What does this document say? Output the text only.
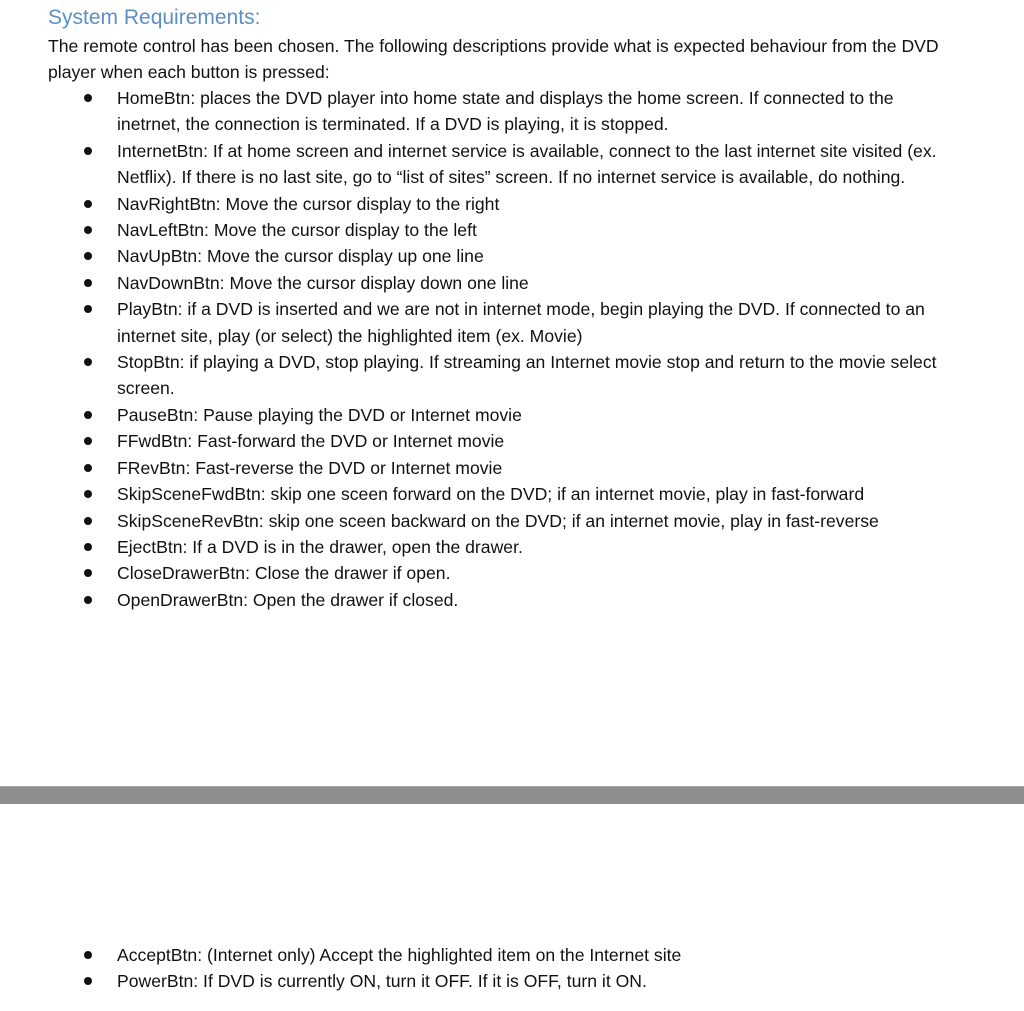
System Requirements:

The remote control has been chosen. The following descriptions provide what is expected behaviour from the DVD player when each button is pressed:

HomeBtn: places the DVD player into home state and displays the home screen. If connected to the inetrnet, the connection is terminated. If a DVD is playing, it is stopped.
InternetBtn: If at home screen and internet service is available, connect to the last internet site visited (ex. Netflix). If there is no last site, go to “list of sites” screen. If no internet service is available, do nothing.
NavRightBtn: Move the cursor display to the right
NavLeftBtn: Move the cursor display to the left
NavUpBtn: Move the cursor display up one line
NavDownBtn: Move the cursor display down one line
PlayBtn: if a DVD is inserted and we are not in internet mode, begin playing the DVD. If connected to an internet site, play (or select) the highlighted item (ex. Movie)
StopBtn: if playing a DVD, stop playing. If streaming an Internet movie stop and return to the movie select screen.
PauseBtn: Pause playing the DVD or Internet movie
FFwdBtn: Fast-forward the DVD or Internet movie
FRevBtn: Fast-reverse the DVD or Internet movie
SkipSceneFwdBtn: skip one sceen forward on the DVD; if an internet movie, play in fast-forward
SkipSceneRevBtn: skip one sceen backward on the DVD; if an internet movie, play in fast-reverse
EjectBtn: If a DVD is in the drawer, open the drawer.
CloseDrawerBtn: Close the drawer if open.
OpenDrawerBtn: Open the drawer if closed.
AcceptBtn: (Internet only) Accept the highlighted item on the Internet site
PowerBtn: If DVD is currently ON, turn it OFF. If it is OFF, turn it ON.
